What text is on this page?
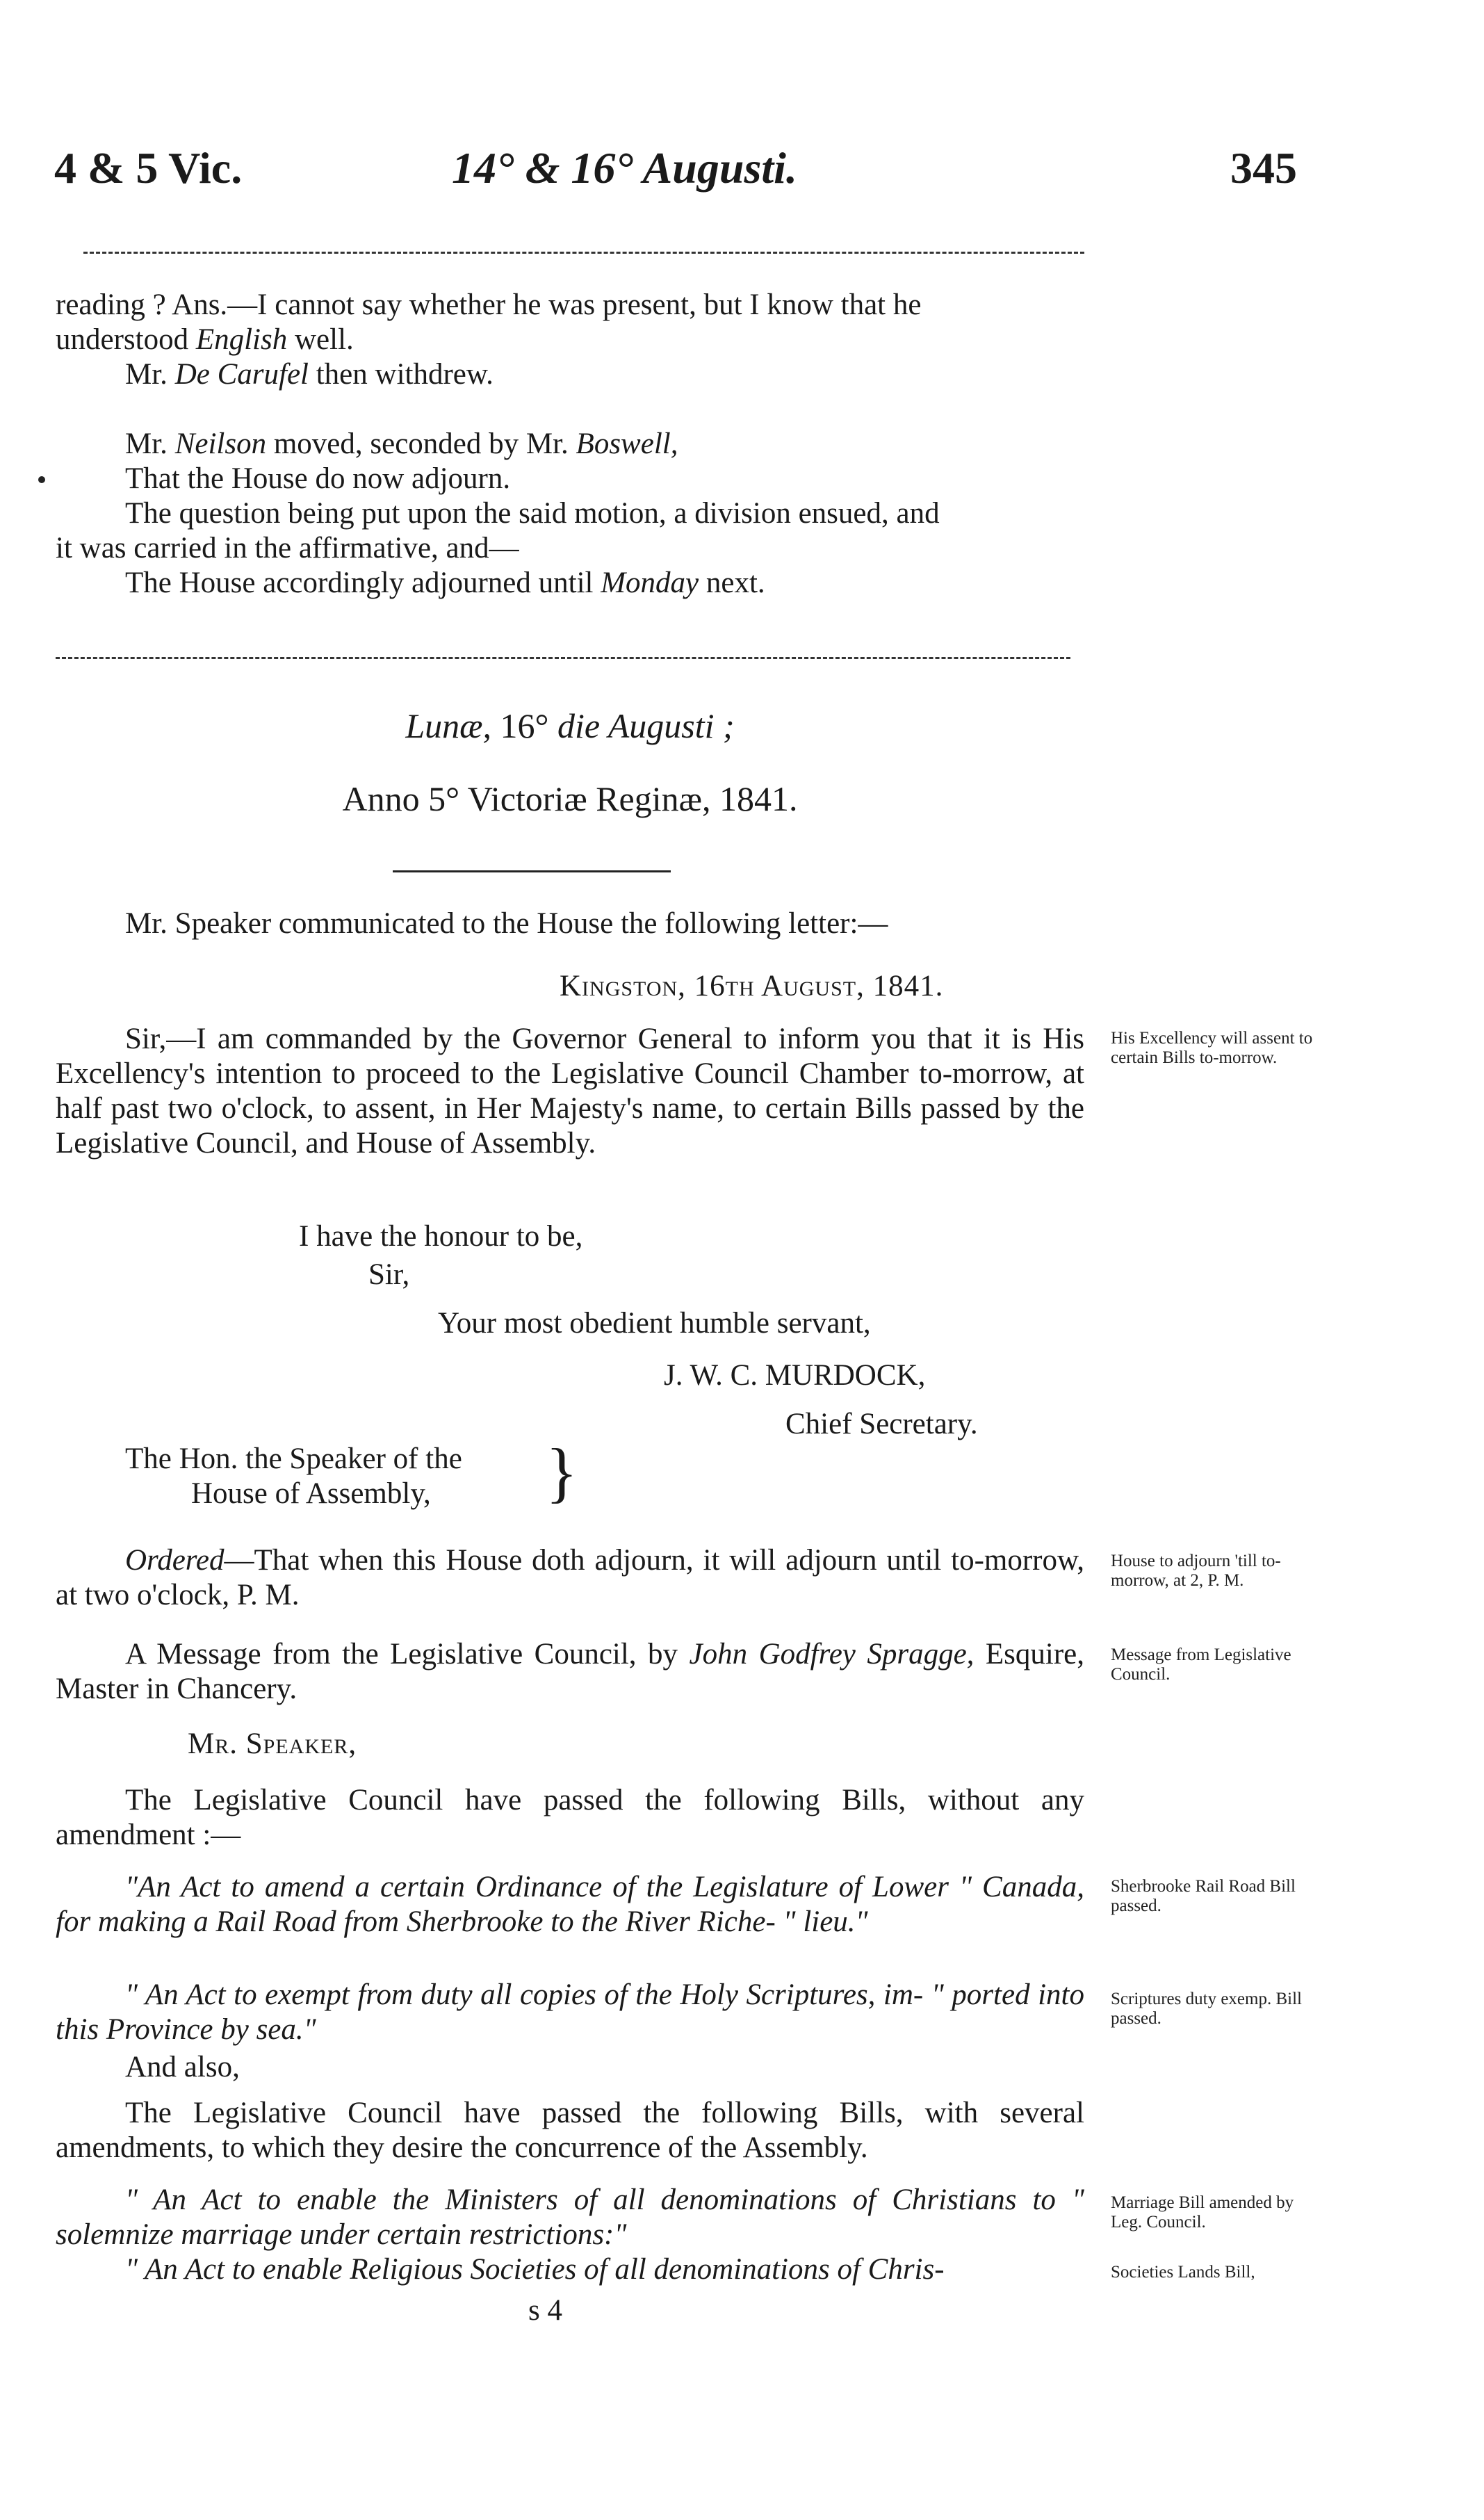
4 & 5 Vic.	14° & 16° Augusti.	345
reading ? Ans.—I cannot say whether he was present, but I know that he
understood English well.
Mr. De Carufel then withdrew.
Mr. Neilson moved, seconded by Mr. Boswell,
That the House do now adjourn.
The question being put upon the said motion, a division ensued, and
it was carried in the affirmative, and—
The House accordingly adjourned until Monday next.
Lunæ, 16° die Augusti ;
Anno 5° Victoriæ Reginæ, 1841.
Mr. Speaker communicated to the House the following letter:—
Kingston, 16th August, 1841.
Sir,—I am commanded by the Governor General to inform you that it is His Excellency's intention to proceed to the Legislative Council Chamber to-morrow, at half past two o'clock, to assent, in Her Majesty's name, to certain Bills passed by the Legislative Council, and House of Assembly.
His Excellency will assent to certain Bills to-morrow.
I have the honour to be,
Sir,
Your most obedient humble servant,
J. W. C. MURDOCK,
Chief Secretary.
The Hon. the Speaker of the
House of Assembly, }
Ordered—That when this House doth adjourn, it will adjourn until to-morrow, at two o'clock, P. M.
House to adjourn 'till to-morrow, at 2, P. M.
A Message from the Legislative Council, by John Godfrey Spragge, Esquire, Master in Chancery.
Message from Legislative Council.
Mr. Speaker,
The Legislative Council have passed the following Bills, without any amendment :—
"An Act to amend a certain Ordinance of the Legislature of Lower " Canada, for making a Rail Road from Sherbrooke to the River Riche- " lieu."
Sherbrooke Rail Road Bill passed.
" An Act to exempt from duty all copies of the Holy Scriptures, im- " ported into this Province by sea."
Scriptures duty exemp. Bill passed.
And also,
The Legislative Council have passed the following Bills, with several amendments, to which they desire the concurrence of the Assembly.
" An Act to enable the Ministers of all denominations of Christians to " solemnize marriage under certain restrictions:"
Marriage Bill amended by Leg. Council.
" An Act to enable Religious Societies of all denominations of Chris-	Societies Lands Bill,
s 4
